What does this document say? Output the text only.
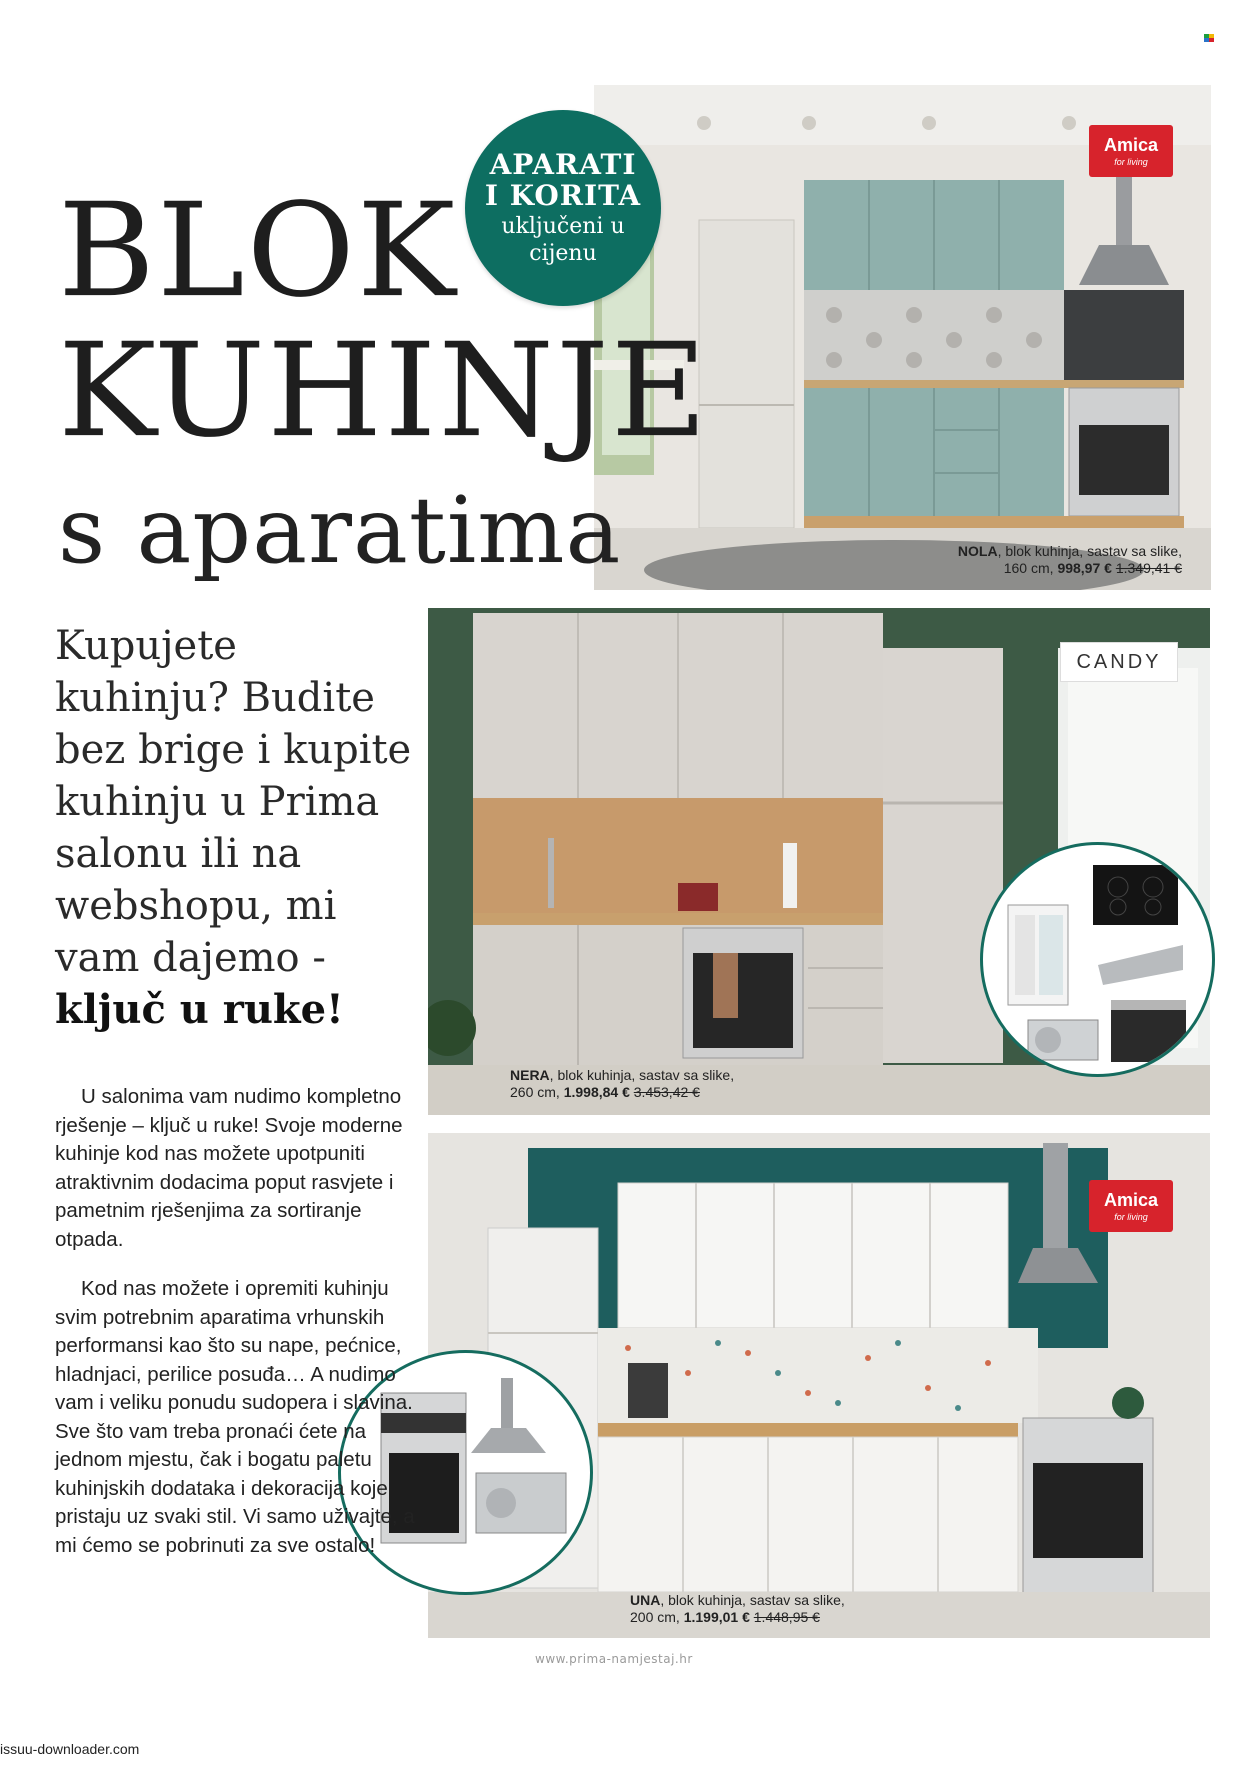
Amica
for living
NOLA, blok kuhinja, sastav sa slike,
160 cm, 998,97 € 1.349,41 €
BLOK
KUHINJE
s aparatima
APARATI
I KORITA
uključeni u
cijenu
CANDY
NERA, blok kuhinja, sastav sa slike,
260 cm, 1.998,84 € 3.453,42 €
Amica
for living
UNA, blok kuhinja, sastav sa slike,
200 cm, 1.199,01 € 1.448,95 €
Kupujete
kuhinju? Budite
bez brige i kupite
kuhinju u Prima
salonu ili na
webshopu, mi
vam dajemo -
ključ u ruke!

U salonima vam nudimo kompletno rješenje – ključ u ruke! Svoje moderne kuhinje kod nas možete upotpuniti atraktivnim dodacima poput rasvjete i pametnim rješenjima za sortiranje otpada.

Kod nas možete i opremiti kuhinju svim potrebnim aparatima vrhunskih performansi kao što su nape, pećnice, hladnjaci, perilice posuđa… A nudimo vam i veliku ponudu sudopera i slavina. Sve što vam treba pronaći ćete na jednom mjestu, čak i bogatu paletu kuhinjskih dodataka i dekoracija koje pristaju uz svaki stil. Vi samo uživajte, a mi ćemo se pobrinuti za sve ostalo!

www.prima-namjestaj.hr
issuu-downloader.com
